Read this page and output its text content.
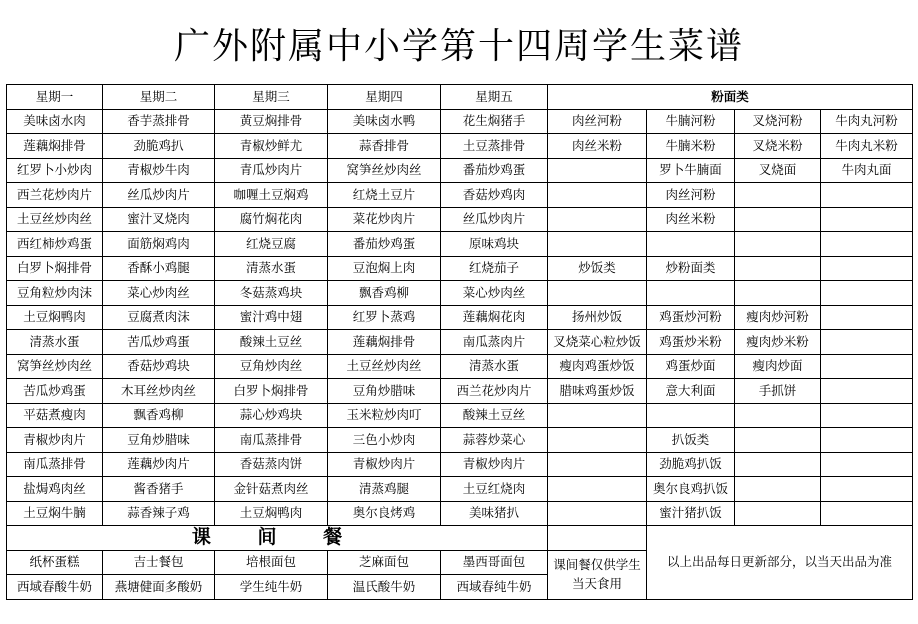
广外附属中小学第十四周学生菜谱
星期一	星期二	星期三	星期四	星期五	粉面类			
美味卤水肉	香芋蒸排骨	黄豆焖排骨	美味卤水鸭	花生焖猪手	肉丝河粉	牛腩河粉	叉烧河粉	牛肉丸河粉
莲藕焖排骨	劲脆鸡扒	青椒炒鲜尤	蒜香排骨	土豆蒸排骨	肉丝米粉	牛腩米粉	叉烧米粉	牛肉丸米粉
红罗卜小炒肉	青椒炒牛肉	青瓜炒肉片	窝笋丝炒肉丝	番茄炒鸡蛋		罗卜牛腩面	叉烧面	牛肉丸面
西兰花炒肉片	丝瓜炒肉片	咖喱土豆焖鸡	红烧土豆片	香菇炒鸡肉		肉丝河粉		
土豆丝炒肉丝	蜜汁叉烧肉	腐竹焖花肉	菜花炒肉片	丝瓜炒肉片		肉丝米粉		
西红柿炒鸡蛋	面筋焖鸡肉	红烧豆腐	番茄炒鸡蛋	原味鸡块				
白罗卜焖排骨	香酥小鸡腿	清蒸水蛋	豆泡焖上肉	红烧茄子	炒饭类	炒粉面类		
豆角粒炒肉沫	菜心炒肉丝	冬菇蒸鸡块	飘香鸡柳	菜心炒肉丝				
土豆焖鸭肉	豆腐煮肉沫	蜜汁鸡中翅	红罗卜蒸鸡	莲藕焖花肉	扬州炒饭	鸡蛋炒河粉	瘦肉炒河粉	
清蒸水蛋	苦瓜炒鸡蛋	酸辣土豆丝	莲藕焖排骨	南瓜蒸肉片	叉烧菜心粒炒饭	鸡蛋炒米粉	瘦肉炒米粉	
窝笋丝炒肉丝	香菇炒鸡块	豆角炒肉丝	土豆丝炒肉丝	清蒸水蛋	瘦肉鸡蛋炒饭	鸡蛋炒面	瘦肉炒面	
苦瓜炒鸡蛋	木耳丝炒肉丝	白罗卜焖排骨	豆角炒腊味	西兰花炒肉片	腊味鸡蛋炒饭	意大利面	手抓饼	
平菇煮瘦肉	飘香鸡柳	蒜心炒鸡块	玉米粒炒肉叮	酸辣土豆丝				
青椒炒肉片	豆角炒腊味	南瓜蒸排骨	三色小炒肉	蒜蓉炒菜心		扒饭类		
南瓜蒸排骨	莲藕炒肉片	香菇蒸肉饼	青椒炒肉片	青椒炒肉片		劲脆鸡扒饭		
盐焗鸡肉丝	酱香猪手	金针菇煮肉丝	清蒸鸡腿	土豆红烧肉		奥尔良鸡扒饭		
土豆焖牛腩	蒜香辣子鸡	土豆焖鸭肉	奥尔良烤鸡	美味猪扒		蜜汁猪扒饭		
课 间 餐						以上出品每日更新部分，以当天出品为准		
纸杯蛋糕	吉士餐包	培根面包	芝麻面包	墨西哥面包	课间餐仅供学生当天食用			
西域春酸牛奶	燕塘健面多酸奶	学生纯牛奶	温氏酸牛奶	西域春纯牛奶				
